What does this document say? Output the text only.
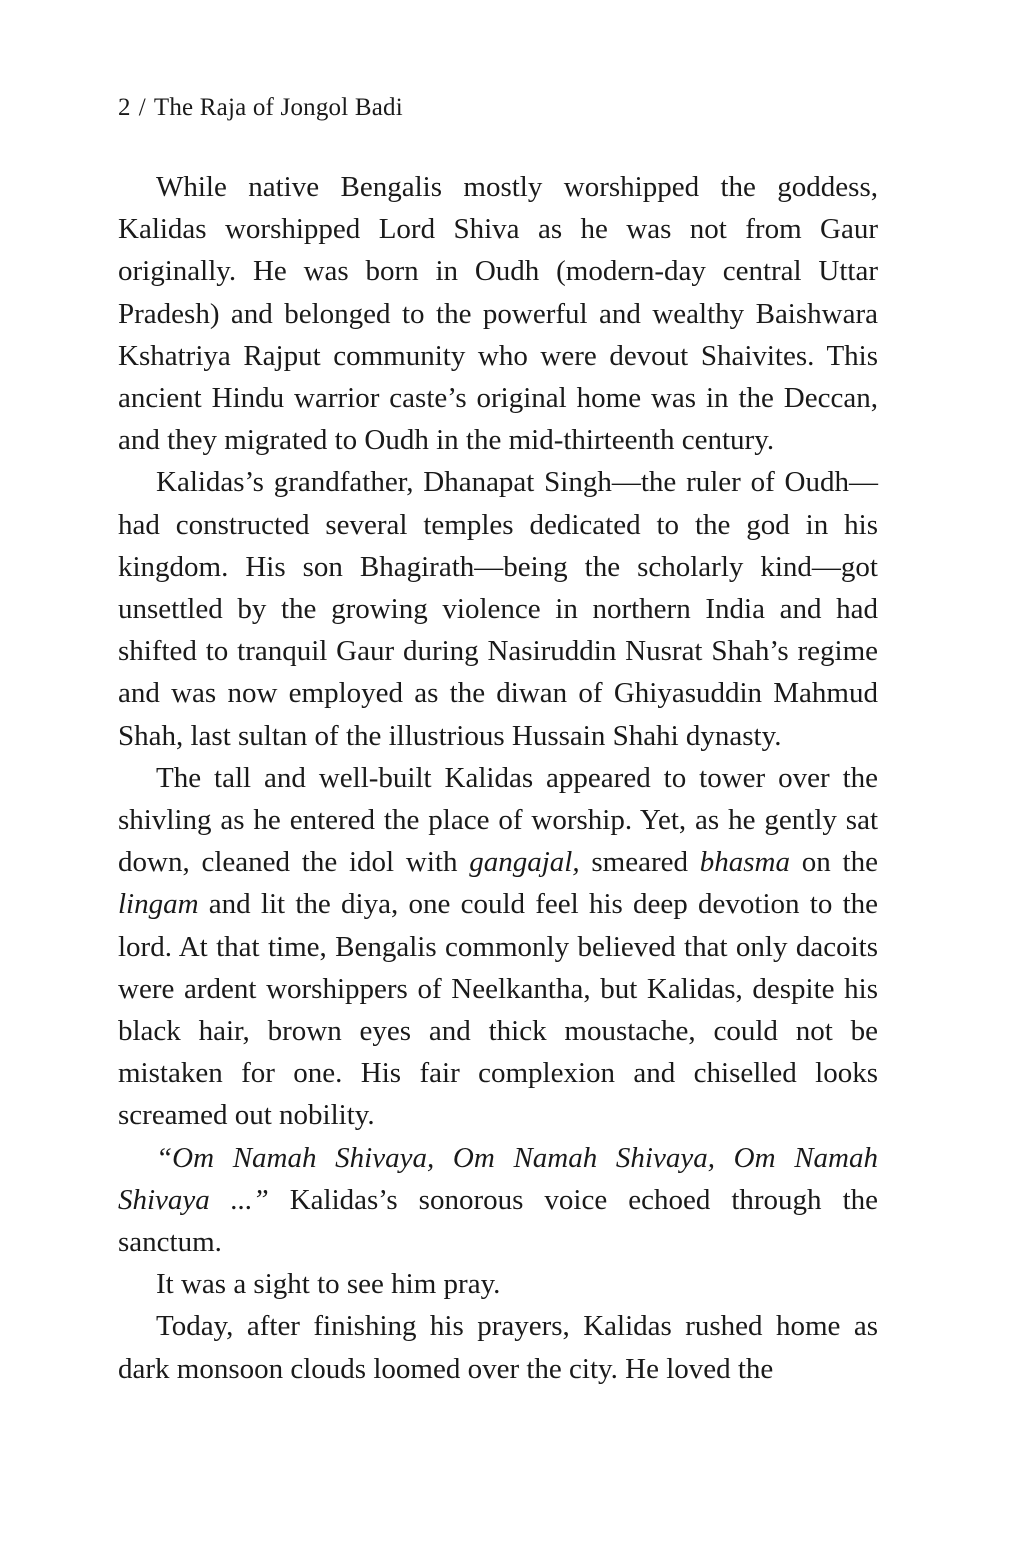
2 / The Raja of Jongol Badi

While native Bengalis mostly worshipped the goddess, Kalidas worshipped Lord Shiva as he was not from Gaur originally. He was born in Oudh (modern-day central Uttar Pradesh) and belonged to the powerful and wealthy Baishwara Kshatriya Rajput community who were devout Shaivites. This ancient Hindu warrior caste’s original home was in the Deccan, and they migrated to Oudh in the mid-thirteenth century.

Kalidas’s grandfather, Dhanapat Singh—the ruler of Oudh—had constructed several temples dedicated to the god in his kingdom. His son Bhagirath—being the scholarly kind—got unsettled by the growing violence in northern India and had shifted to tranquil Gaur during Nasiruddin Nusrat Shah’s regime and was now employed as the diwan of Ghiyasuddin Mahmud Shah, last sultan of the illustrious Hussain Shahi dynasty.

The tall and well-built Kalidas appeared to tower over the shivling as he entered the place of worship. Yet, as he gently sat down, cleaned the idol with gangajal, smeared bhasma on the lingam and lit the diya, one could feel his deep devotion to the lord. At that time, Bengalis commonly believed that only dacoits were ardent worshippers of Neelkantha, but Kalidas, despite his black hair, brown eyes and thick moustache, could not be mistaken for one. His fair complexion and chiselled looks screamed out nobility.

“Om Namah Shivaya, Om Namah Shivaya, Om Namah Shivaya ...” Kalidas’s sonorous voice echoed through the sanctum.

It was a sight to see him pray.

Today, after finishing his prayers, Kalidas rushed home as dark monsoon clouds loomed over the city. He loved the
